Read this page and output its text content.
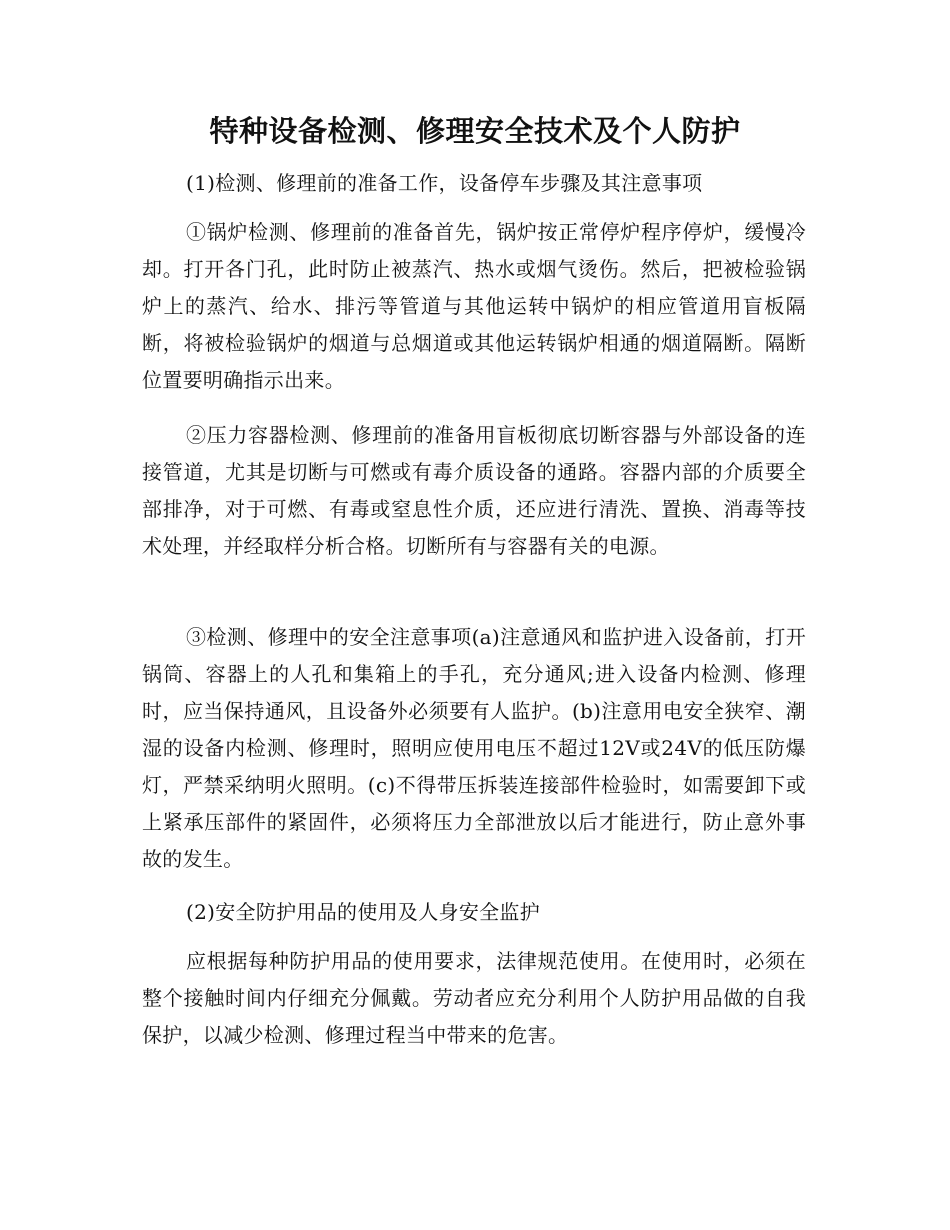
特种设备检测、修理安全技术及个人防护

(1)检测、修理前的准备工作，设备停车步骤及其注意事项

①锅炉检测、修理前的准备首先，锅炉按正常停炉程序停炉，缓慢冷却。打开各门孔，此时防止被蒸汽、热水或烟气烫伤。然后，把被检验锅炉上的蒸汽、给水、排污等管道与其他运转中锅炉的相应管道用盲板隔断，将被检验锅炉的烟道与总烟道或其他运转锅炉相通的烟道隔断。隔断位置要明确指示出来。

②压力容器检测、修理前的准备用盲板彻底切断容器与外部设备的连接管道，尤其是切断与可燃或有毒介质设备的通路。容器内部的介质要全部排净，对于可燃、有毒或窒息性介质，还应进行清洗、置换、消毒等技术处理，并经取样分析合格。切断所有与容器有关的电源。

③检测、修理中的安全注意事项(a)注意通风和监护进入设备前，打开锅筒、容器上的人孔和集箱上的手孔，充分通风;进入设备内检测、修理时，应当保持通风，且设备外必须要有人监护。(b)注意用电安全狭窄、潮湿的设备内检测、修理时，照明应使用电压不超过12V或24V的低压防爆灯，严禁采纳明火照明。(c)不得带压拆装连接部件检验时，如需要卸下或上紧承压部件的紧固件，必须将压力全部泄放以后才能进行，防止意外事故的发生。

(2)安全防护用品的使用及人身安全监护

应根据每种防护用品的使用要求，法律规范使用。在使用时，必须在整个接触时间内仔细充分佩戴。劳动者应充分利用个人防护用品做的自我保护，以减少检测、修理过程当中带来的危害。
